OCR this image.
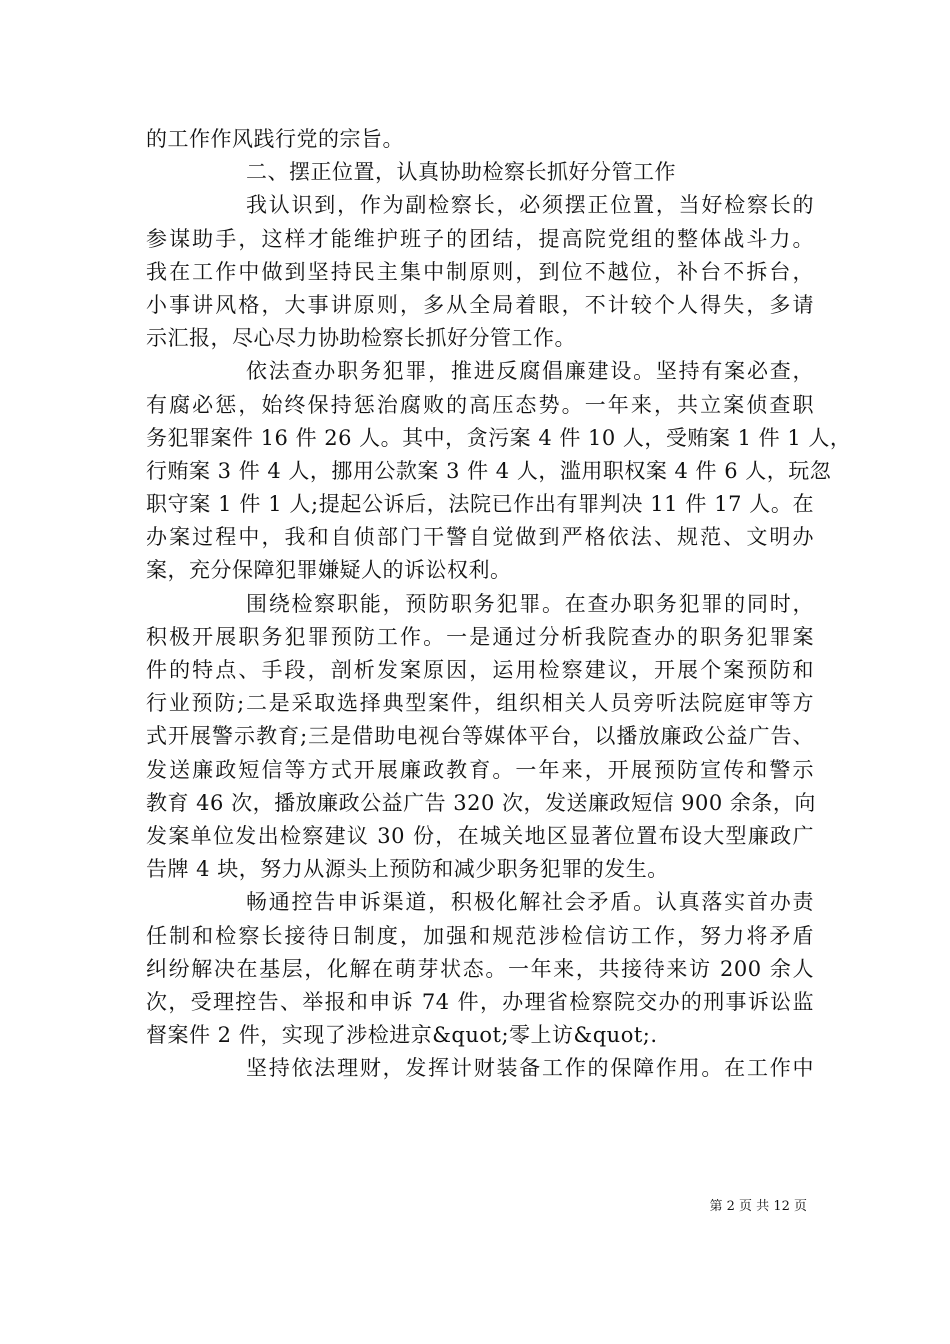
的工作作风践行党的宗旨。
二、摆正位置，认真协助检察长抓好分管工作
我认识到，作为副检察长，必须摆正位置，当好检察长的
参谋助手，这样才能维护班子的团结，提高院党组的整体战斗力。
我在工作中做到坚持民主集中制原则，到位不越位，补台不拆台，
小事讲风格，大事讲原则，多从全局着眼，不计较个人得失，多请
示汇报，尽心尽力协助检察长抓好分管工作。
依法查办职务犯罪，推进反腐倡廉建设。坚持有案必查，
有腐必惩，始终保持惩治腐败的高压态势。一年来，共立案侦查职
务犯罪案件 16 件 26 人。其中，贪污案 4 件 10 人，受贿案 1 件 1 人，
行贿案 3 件 4 人，挪用公款案 3 件 4 人，滥用职权案 4 件 6 人，玩忽
职守案 1 件 1 人;提起公诉后，法院已作出有罪判决 11 件 17 人。在
办案过程中，我和自侦部门干警自觉做到严格依法、规范、文明办
案，充分保障犯罪嫌疑人的诉讼权利。
围绕检察职能，预防职务犯罪。在查办职务犯罪的同时，
积极开展职务犯罪预防工作。一是通过分析我院查办的职务犯罪案
件的特点、手段，剖析发案原因，运用检察建议，开展个案预防和
行业预防;二是采取选择典型案件，组织相关人员旁听法院庭审等方
式开展警示教育;三是借助电视台等媒体平台，以播放廉政公益广告、
发送廉政短信等方式开展廉政教育。一年来，开展预防宣传和警示
教育 46 次，播放廉政公益广告 320 次，发送廉政短信 900 余条，向
发案单位发出检察建议 30 份，在城关地区显著位置布设大型廉政广
告牌 4 块，努力从源头上预防和减少职务犯罪的发生。
畅通控告申诉渠道，积极化解社会矛盾。认真落实首办责
任制和检察长接待日制度，加强和规范涉检信访工作，努力将矛盾
纠纷解决在基层，化解在萌芽状态。一年来，共接待来访 200 余人
次，受理控告、举报和申诉 74 件，办理省检察院交办的刑事诉讼监
督案件 2 件，实现了涉检进京&quot;零上访&quot;.
坚持依法理财，发挥计财装备工作的保障作用。在工作中
第 2 页 共 12 页
